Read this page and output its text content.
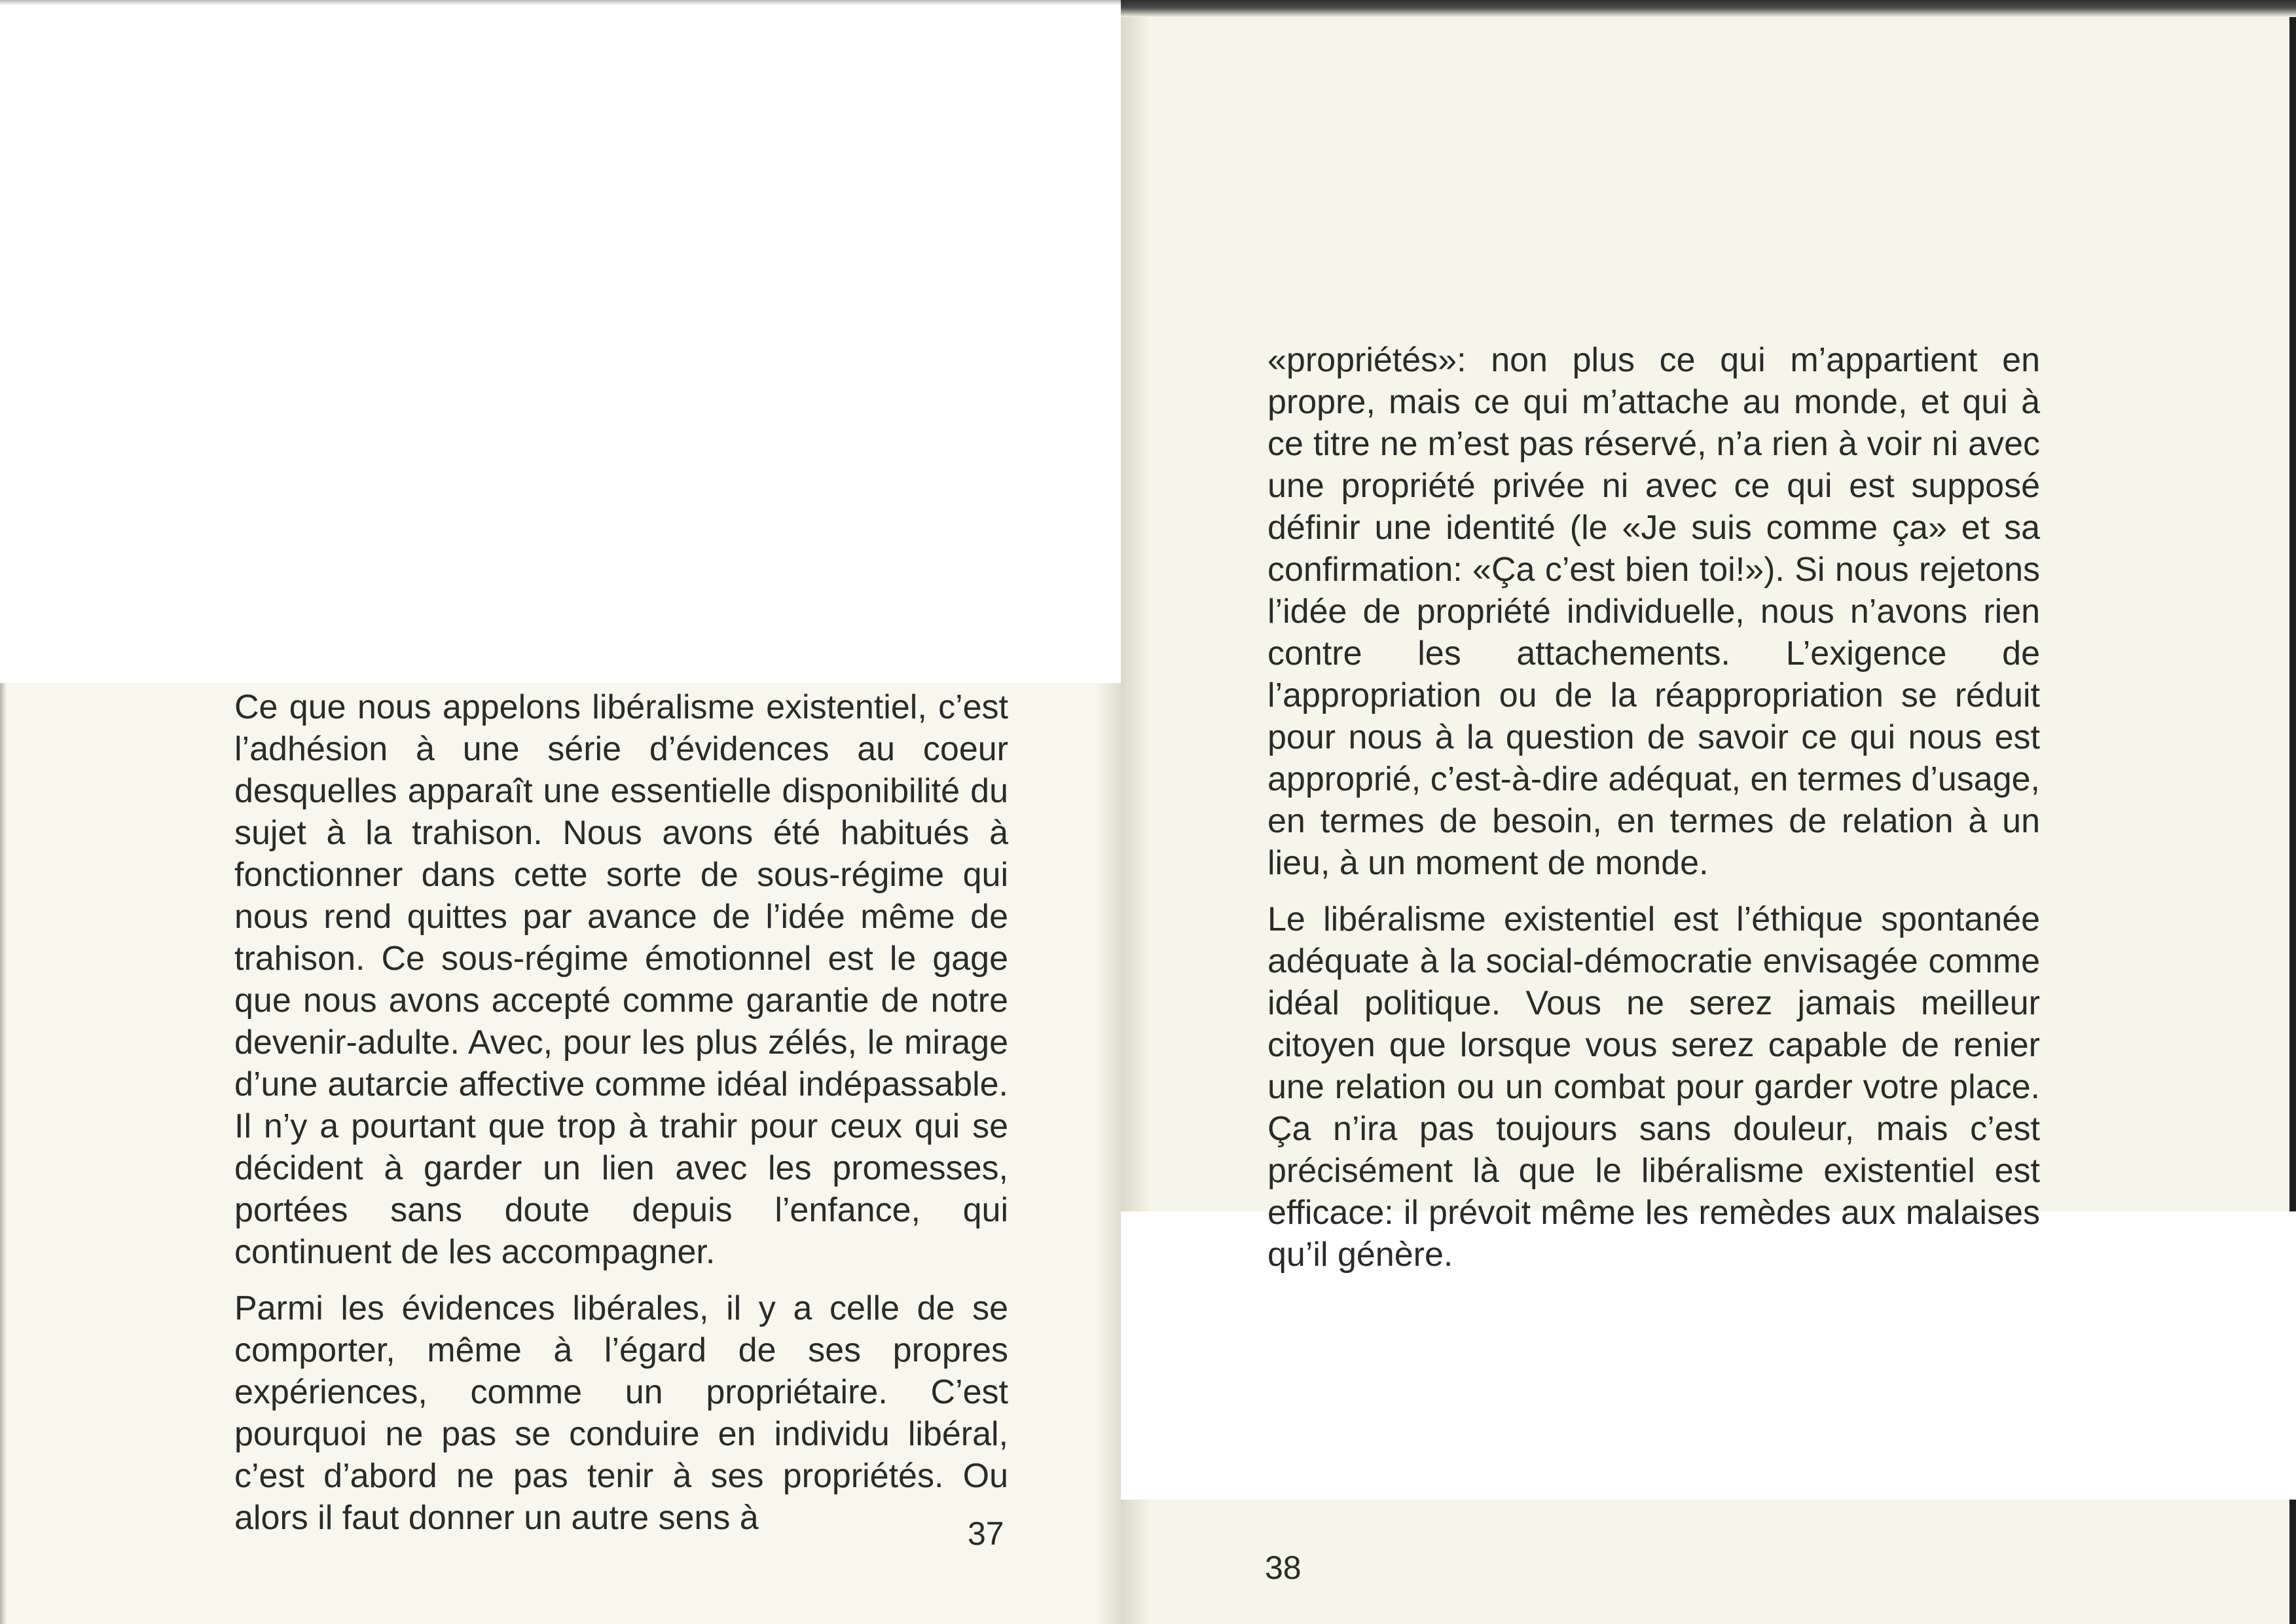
Ce que nous appelons libéralisme existentiel, c’est l’adhésion à une série d’évidences au coeur desquelles apparaît une essentielle disponibilité du sujet à la trahison. Nous avons été habitués à fonctionner dans cette sorte de sous-régime qui nous rend quittes par avance de l’idée même de trahison. Ce sous-régime émotionnel est le gage que nous avons accepté comme garantie de notre devenir-adulte. Avec, pour les plus zélés, le mirage d’une autarcie affective comme idéal indépassable. Il n’y a pourtant que trop à trahir pour ceux qui se décident à garder un lien avec les promesses, portées sans doute depuis l’enfance, qui continuent de les accompagner.

Parmi les évidences libérales, il y a celle de se comporter, même à l’égard de ses propres expériences, comme un propriétaire. C’est pourquoi ne pas se conduire en individu libéral, c’est d’abord ne pas tenir à ses propriétés. Ou alors il faut donner un autre sens à	37

«propriétés»: non plus ce qui m’appartient en propre, mais ce qui m’attache au monde, et qui à ce titre ne m’est pas réservé, n’a rien à voir ni avec une propriété privée ni avec ce qui est supposé définir une identité (le «Je suis comme ça» et sa confirmation: «Ça c’est bien toi!»). Si nous rejetons l’idée de propriété individuelle, nous n’avons rien contre les attachements. L’exigence de l’appropriation ou de la réappropriation se réduit pour nous à la question de savoir ce qui nous est approprié, c’est-à-dire adéquat, en termes d’usage, en termes de besoin, en termes de relation à un lieu, à un moment de monde.

Le libéralisme existentiel est l’éthique spontanée adéquate à la social-démocratie envisagée comme idéal politique. Vous ne serez jamais meilleur citoyen que lorsque vous serez capable de renier une relation ou un combat pour garder votre place. Ça n’ira pas toujours sans douleur, mais c’est précisément là que le libéralisme existentiel est efficace: il prévoit même les remèdes aux malaises qu’il génère.

38
